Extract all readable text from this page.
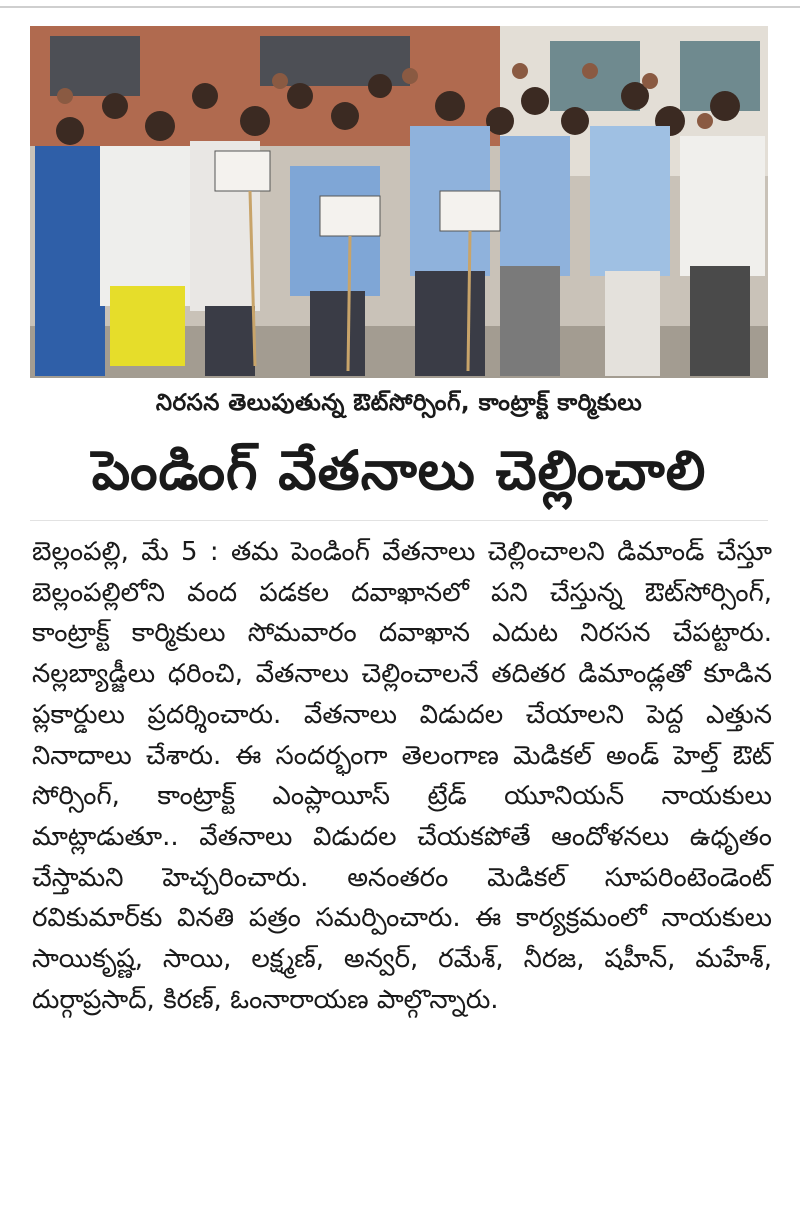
నిరసన తెలుపుతున్న ఔట్‌సోర్సింగ్, కాంట్రాక్ట్ కార్మికులు
పెండింగ్ వేతనాలు చెల్లించాలి
బెల్లంపల్లి, మే 5 : తమ పెండింగ్ వేతనాలు చెల్లించాలని డిమాండ్ చేస్తూ బెల్లంపల్లిలోని వంద పడకల దవాఖానలో పని చేస్తున్న ఔట్‌సోర్సింగ్, కాంట్రాక్ట్ కార్మికులు సోమవారం దవాఖాన ఎదుట నిరసన చేపట్టారు. నల్లబ్యాడ్జీలు ధరించి, వేతనాలు చెల్లించాలనే తదితర డిమాండ్లతో కూడిన ప్లకార్డులు ప్రదర్శించారు. వేతనాలు విడుదల చేయాలని పెద్ద ఎత్తున నినాదాలు చేశారు. ఈ సందర్భంగా తెలంగాణ మెడికల్ అండ్ హెల్త్ ఔట్ సోర్సింగ్, కాంట్రాక్ట్ ఎంప్లాయీస్ ట్రేడ్ యూనియన్ నాయకులు మాట్లాడుతూ.. వేతనాలు విడుదల చేయకపోతే ఆందోళనలు ఉధృతం చేస్తామని హెచ్చరించారు. అనంతరం మెడికల్ సూపరింటెండెంట్ రవికుమార్‌కు వినతి పత్రం సమర్పించారు. ఈ కార్యక్రమంలో నాయకులు సాయికృష్ణ, సాయి, లక్ష్మణ్, అన్వర్, రమేశ్, నీరజ, షహీన్, మహేశ్, దుర్గాప్రసాద్, కిరణ్, ఓంనారాయణ పాల్గొన్నారు.
